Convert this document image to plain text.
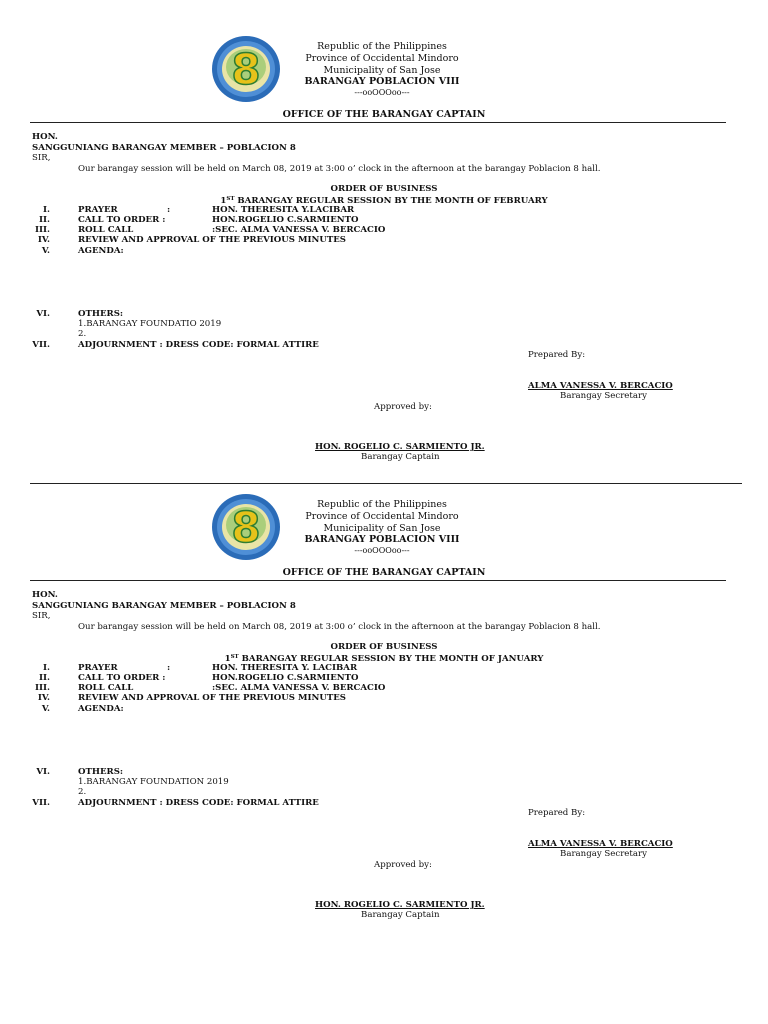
8	Republic of the Philippines
Province of Occidental Mindoro
Municipality of San Jose
BARANGAY POBLACION VIII
---ooOOOoo---
OFFICE OF THE BARANGAY CAPTAIN
HON.
SANGGUNIANG BARANGAY MEMBER – POBLACION 8
SIR,
Our barangay session will be held on March 08, 2019 at 3:00 o’ clock in the afternoon at the barangay Poblacion 8 hall.
ORDER OF BUSINESS
1ST BARANGAY REGULAR SESSION BY THE MONTH OF FEBRUARY
I.	PRAYER	:	HON. THERESITA Y.LACIBAR
II.	CALL TO ORDER :	HON.ROGELIO C.SARMIENTO
III.	ROLL CALL	:SEC. ALMA VANESSA V. BERCACIO
IV.	REVIEW AND APPROVAL OF THE PREVIOUS MINUTES
V.	AGENDA:
VI.	OTHERS:
1.BARANGAY FOUNDATIO 2019
2.
VII.	ADJOURNMENT : DRESS CODE: FORMAL ATTIRE
Prepared By:
ALMA VANESSA V. BERCACIO
Barangay Secretary
Approved by:
HON. ROGELIO C. SARMIENTO JR.
Barangay Captain
8	Republic of the Philippines
Province of Occidental Mindoro
Municipality of San Jose
BARANGAY POBLACION VIII
---ooOOOoo---
OFFICE OF THE BARANGAY CAPTAIN
HON.
SANGGUNIANG BARANGAY MEMBER – POBLACION 8
SIR,
Our barangay session will be held on March 08, 2019 at 3:00 o’ clock in the afternoon at the barangay Poblacion 8 hall.
ORDER OF BUSINESS
1ST BARANGAY REGULAR SESSION BY THE MONTH OF JANUARY
I.	PRAYER	:	HON. THERESITA Y. LACIBAR
II.	CALL TO ORDER :	HON.ROGELIO C.SARMIENTO
III.	ROLL CALL	:SEC. ALMA VANESSA V. BERCACIO
IV.	REVIEW AND APPROVAL OF THE PREVIOUS MINUTES
V.	AGENDA:
VI.	OTHERS:
1.BARANGAY FOUNDATION 2019
2.
VII.	ADJOURNMENT : DRESS CODE: FORMAL ATTIRE
Prepared By:
ALMA VANESSA V. BERCACIO
Barangay Secretary
Approved by:
HON. ROGELIO C. SARMIENTO JR.
Barangay Captain
